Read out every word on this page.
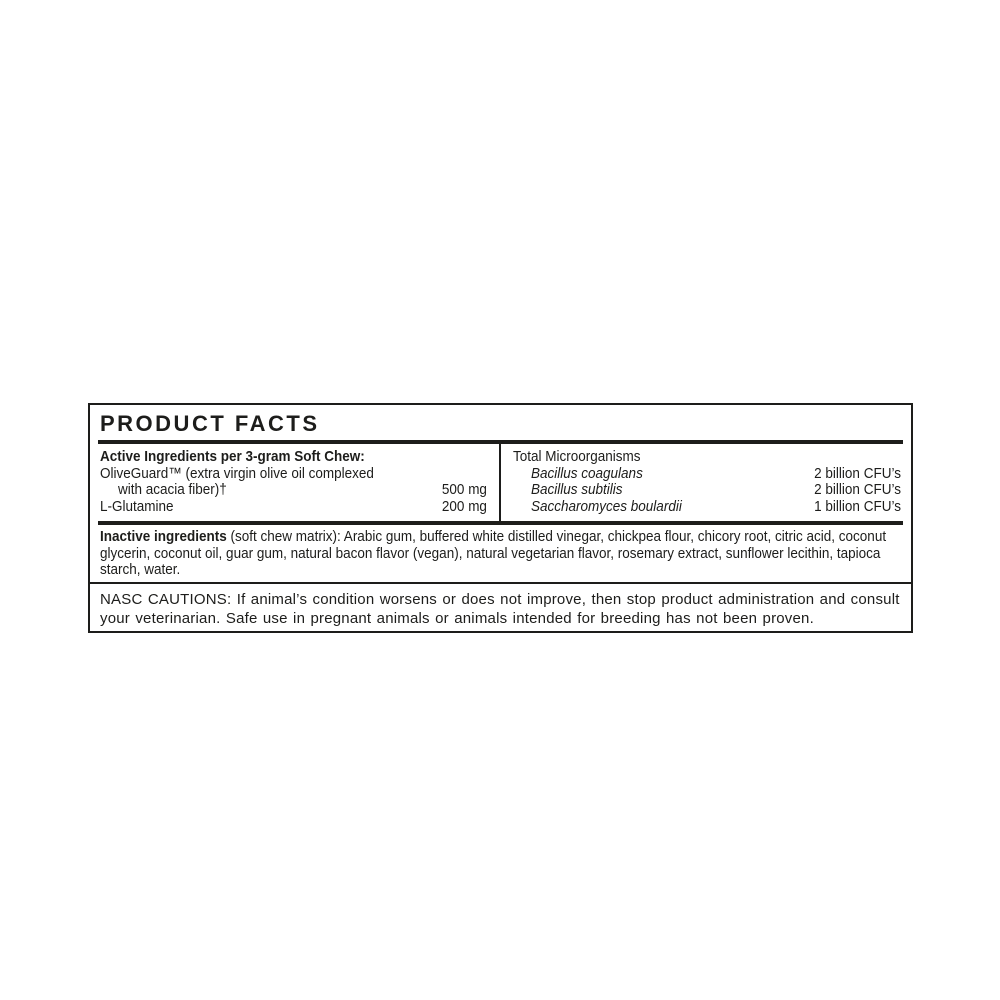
PRODUCT FACTS
Active Ingredients per 3-gram Soft Chew:
OliveGuard™ (extra virgin olive oil complexed
with acacia fiber)†	500 mg
L-Glutamine	200 mg
Total Microorganisms
Bacillus coagulans	2 billion CFU’s
Bacillus subtilis	2 billion CFU’s
Saccharomyces boulardii	1 billion CFU’s
Inactive ingredients (soft chew matrix): Arabic gum, buffered white distilled vinegar, chickpea flour, chicory root, citric acid, coconut glycerin, coconut oil, guar gum, natural bacon flavor (vegan), natural vegetarian flavor, rosemary extract, sunflower lecithin, tapioca starch, water.
NASC CAUTIONS: If animal’s condition worsens or does not improve, then stop product administration and consult your veterinarian. Safe use in pregnant animals or animals intended for breeding has not been proven.
